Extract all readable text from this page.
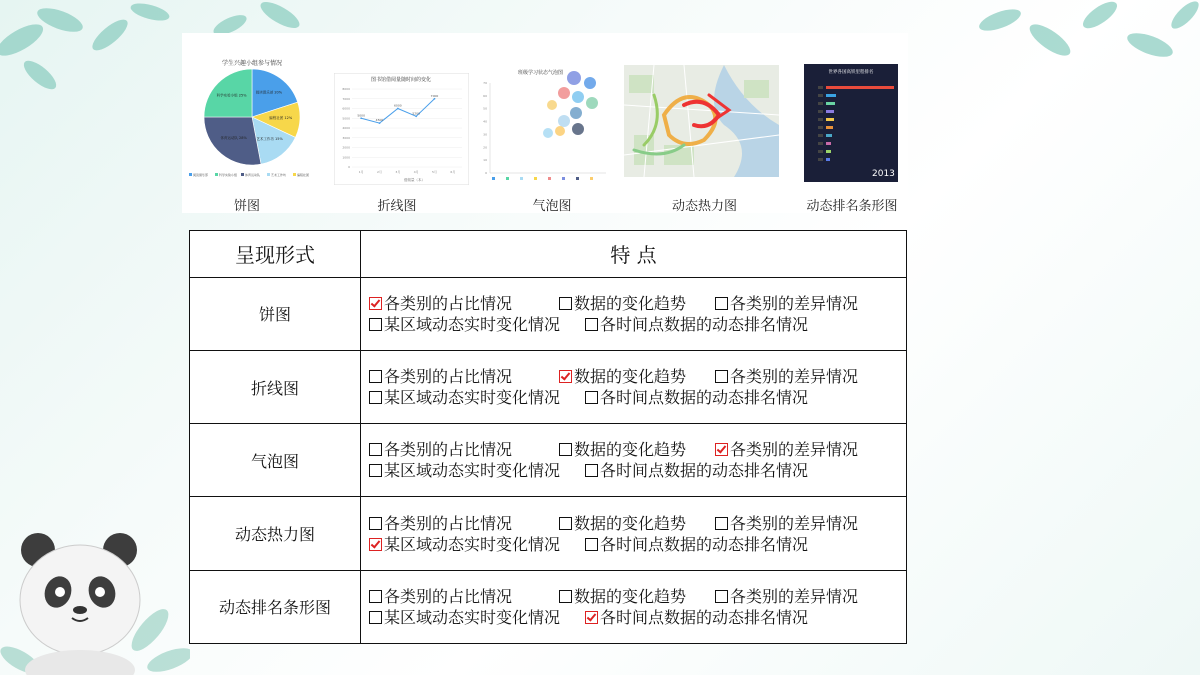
学生兴趣小组参与情况
阅读俱乐部 20%
编程社团 12%
艺术工作坊 15%
体育运动队 28%
科学实验小组 25%
阅读俱乐部	科学实验小组	体育运动队	艺术工作坊	编程社团
图书馆借阅量随时间的变化
8000
7000
6000
5000
4000
3000
2000
1000
0
1月	2月	3月	4月	5月	6月
5000
4500
6000
5200
7000
借阅量（本）
班级学习状态气泡图
70
60
50
40
30
20
10
0
世界各国高铁里程排名
2013
饼图	折线图	气泡图	动态热力图	动态排名条形图
呈现形式	特 点
饼图	各类别的占比情况 数据的变化趋势 各类别的差异情况
某区域动态实时变化情况 各时间点数据的动态排名情况

折线图	各类别的占比情况 数据的变化趋势 各类别的差异情况
某区域动态实时变化情况 各时间点数据的动态排名情况

气泡图	各类别的占比情况 数据的变化趋势 各类别的差异情况
某区域动态实时变化情况 各时间点数据的动态排名情况

动态热力图	各类别的占比情况 数据的变化趋势 各类别的差异情况
某区域动态实时变化情况 各时间点数据的动态排名情况

动态排名条形图	各类别的占比情况 数据的变化趋势 各类别的差异情况
某区域动态实时变化情况 各时间点数据的动态排名情况
